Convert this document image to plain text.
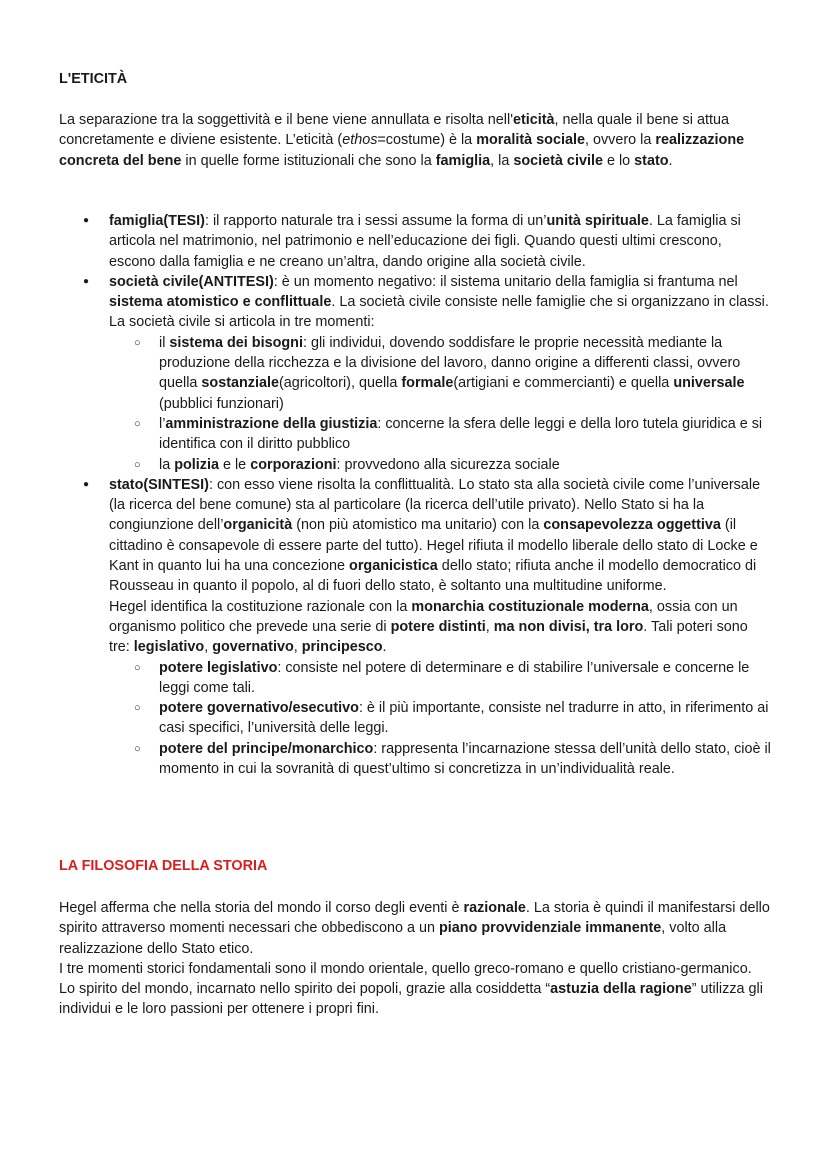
L'ETICITÀ

La separazione tra la soggettività e il bene viene annullata e risolta nell'eticità, nella quale il bene si attua concretamente e diviene esistente. L’eticità (ethos=costume) è la moralità sociale, ovvero la realizzazione concreta del bene in quelle forme istituzionali che sono la famiglia, la società civile e lo stato.

● famiglia(TESI): il rapporto naturale tra i sessi assume la forma di un’unità spirituale. La famiglia si articola nel matrimonio, nel patrimonio e nell’educazione dei figli. Quando questi ultimi crescono, escono dalla famiglia e ne creano un’altra, dando origine alla società civile.
● società civile(ANTITESI): è un momento negativo: il sistema unitario della famiglia si frantuma nel sistema atomistico e conflittuale. La società civile consiste nelle famiglie che si organizzano in classi.
La società civile si articola in tre momenti:
○ il sistema dei bisogni: gli individui, dovendo soddisfare le proprie necessità mediante la produzione della ricchezza e la divisione del lavoro, danno origine a differenti classi, ovvero quella sostanziale(agricoltori), quella formale(artigiani e commercianti) e quella universale (pubblici funzionari)
○ l’amministrazione della giustizia: concerne la sfera delle leggi e della loro tutela giuridica e si identifica con il diritto pubblico
○ la polizia e le corporazioni: provvedono alla sicurezza sociale
● stato(SINTESI): con esso viene risolta la conflittualità. Lo stato sta alla società civile come l’universale (la ricerca del bene comune) sta al particolare (la ricerca dell’utile privato). Nello Stato si ha la congiunzione dell’organicità (non più atomistico ma unitario) con la consapevolezza oggettiva (il cittadino è consapevole di essere parte del tutto). Hegel rifiuta il modello liberale dello stato di Locke e Kant in quanto lui ha una concezione organicistica dello stato; rifiuta anche il modello democratico di Rousseau in quanto il popolo, al di fuori dello stato, è soltanto una multitudine uniforme.
Hegel identifica la costituzione razionale con la monarchia costituzionale moderna, ossia con un organismo politico che prevede una serie di potere distinti, ma non divisi, tra loro. Tali poteri sono tre: legislativo, governativo, principesco.
○ potere legislativo: consiste nel potere di determinare e di stabilire l’universale e concerne le leggi come tali.
○ potere governativo/esecutivo: è il più importante, consiste nel tradurre in atto, in riferimento ai casi specifici, l’università delle leggi.
○ potere del principe/monarchico: rappresenta l’incarnazione stessa dell’unità dello stato, cioè il momento in cui la sovranità di quest’ultimo si concretizza in un’individualità reale.
LA FILOSOFIA DELLA STORIA

Hegel afferma che nella storia del mondo il corso degli eventi è razionale. La storia è quindi il manifestarsi dello spirito attraverso momenti necessari che obbediscono a un piano provvidenziale immanente, volto alla realizzazione dello Stato etico.

I tre momenti storici fondamentali sono il mondo orientale, quello greco-romano e quello cristiano-germanico.

Lo spirito del mondo, incarnato nello spirito dei popoli, grazie alla cosiddetta “astuzia della ragione” utilizza gli individui e le loro passioni per ottenere i propri fini.
